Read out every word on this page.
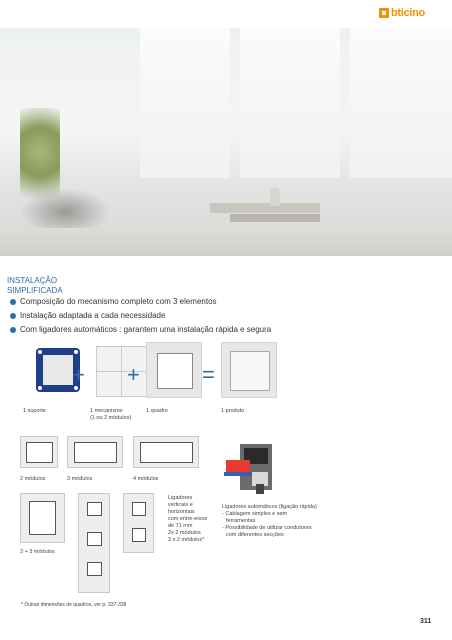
bticino
INSTALAÇÃO
SIMPLIFICADA
Composição do mecanismo completo com 3 elementos
Instalação adaptada a cada necessidade
Com ligadores automáticos : garantem uma instalação rápida e segura
+ +	=
1 suporte	1 mecanismo
(1 ou 2 módulos)
1 quadro	1 produto
2 módulos	3 módulos	4 módulos
3 + 3 módulos
Ligadores
verticais e
horizontais
com entre-eixos
de 71 mm
2x 2 módulos
3 x 2 módulos*
Ligadores automáticos (ligação rápida)
- Cablagem simples e sem
ferramentas
- Possibilidade de utilizar condutores
com diferentes secções
* Outras dimensões de quadros, ver p. 337-338
311
